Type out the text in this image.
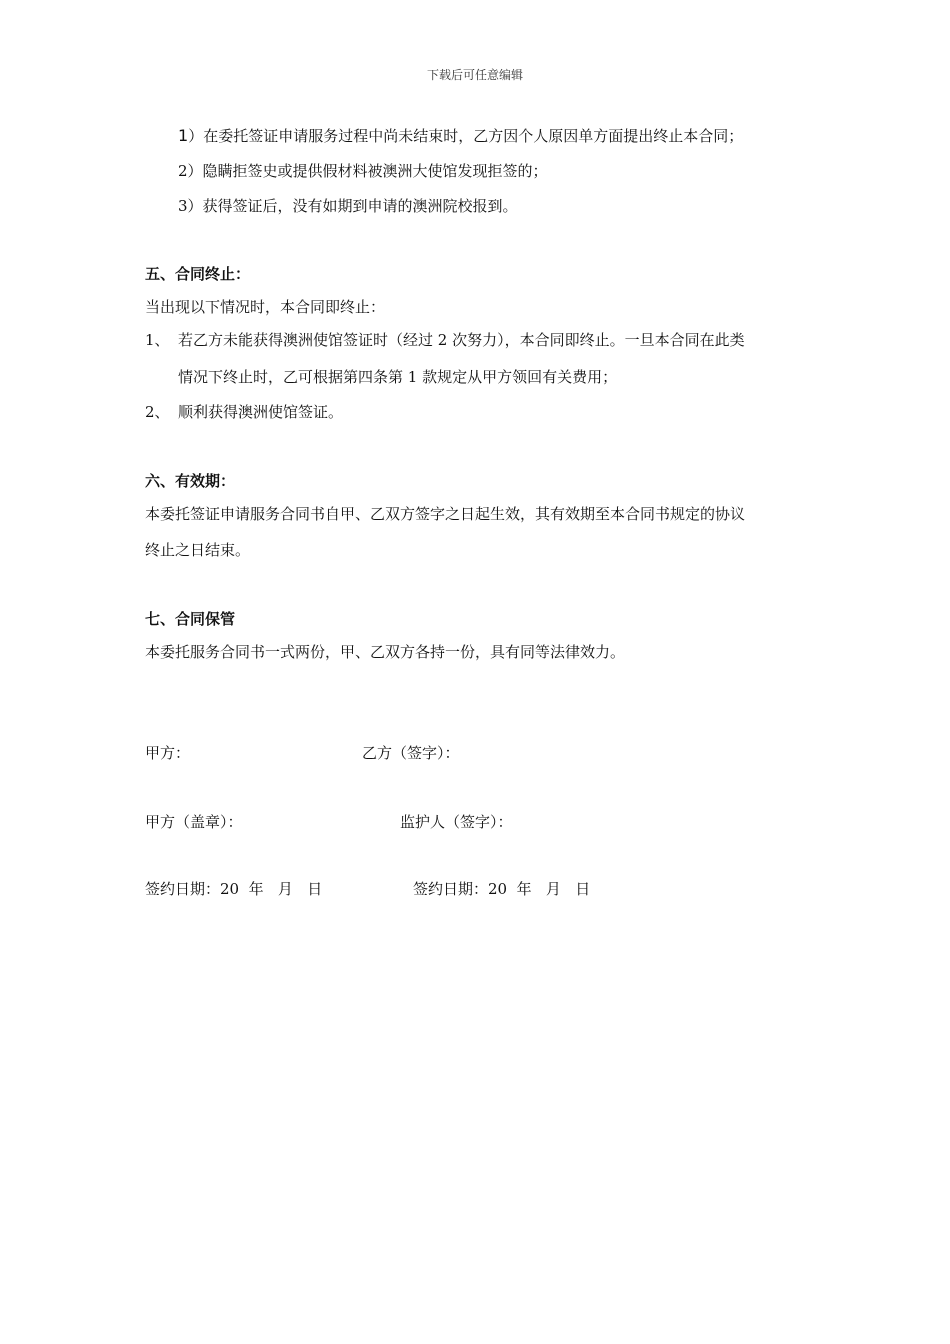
下载后可任意编辑
1）在委托签证申请服务过程中尚未结束时，乙方因个人原因单方面提出终止本合同；
2）隐瞒拒签史或提供假材料被澳洲大使馆发现拒签的；
3）获得签证后，没有如期到申请的澳洲院校报到。
五、合同终止：
当出现以下情况时，本合同即终止：
1、 若乙方未能获得澳洲使馆签证时（经过 2 次努力），本合同即终止。一旦本合同在此类
情况下终止时，乙可根据第四条第 1 款规定从甲方领回有关费用；
2、 顺利获得澳洲使馆签证。
六、有效期：
本委托签证申请服务合同书自甲、乙双方签字之日起生效，其有效期至本合同书规定的协议
终止之日结束。
七、合同保管
本委托服务合同书一式两份，甲、乙双方各持一份，具有同等法律效力。
甲方：	乙方（签字）：
甲方（盖章）：	监护人（签字）：
签约日期：20  年   月   日	签约日期：20  年   月   日
